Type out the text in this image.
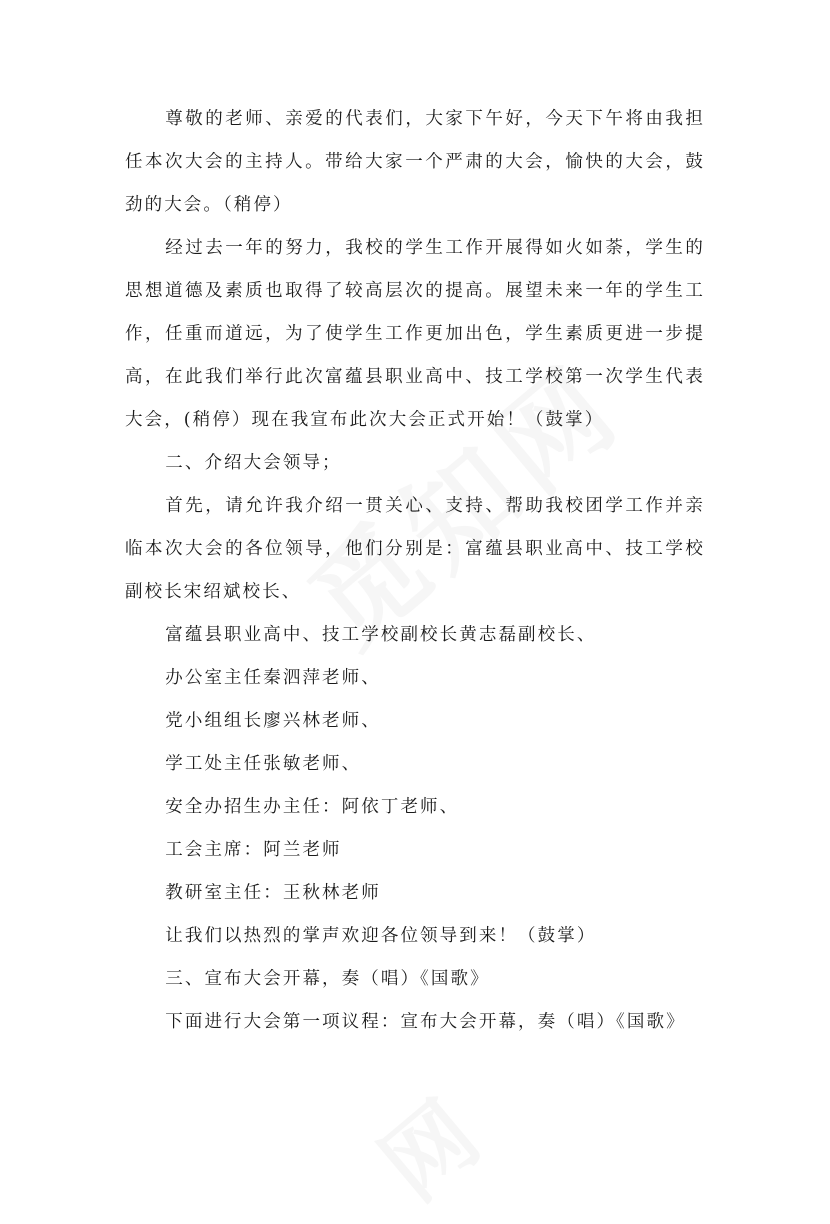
尊敬的老师、亲爱的代表们，大家下午好，今天下午将由我担任本次大会的主持人。带给大家一个严肃的大会，愉快的大会，鼓劲的大会。（稍停）

经过去一年的努力，我校的学生工作开展得如火如荼，学生的思想道德及素质也取得了较高层次的提高。展望未来一年的学生工作，任重而道远，为了使学生工作更加出色，学生素质更进一步提高，在此我们举行此次富蕴县职业高中、技工学校第一次学生代表大会，(稍停）现在我宣布此次大会正式开始！（鼓掌）

二、介绍大会领导；

首先，请允许我介绍一贯关心、支持、帮助我校团学工作并亲临本次大会的各位领导，他们分别是：富蕴县职业高中、技工学校副校长宋绍斌校长、

富蕴县职业高中、技工学校副校长黄志磊副校长、

办公室主任秦泗萍老师、

党小组组长廖兴林老师、

学工处主任张敏老师、

安全办招生办主任：阿依丁老师、

工会主席：阿兰老师

教研室主任：王秋林老师

让我们以热烈的掌声欢迎各位领导到来！（鼓掌）

三、宣布大会开幕，奏（唱）《国歌》

下面进行大会第一项议程：宣布大会开幕，奏（唱）《国歌》
